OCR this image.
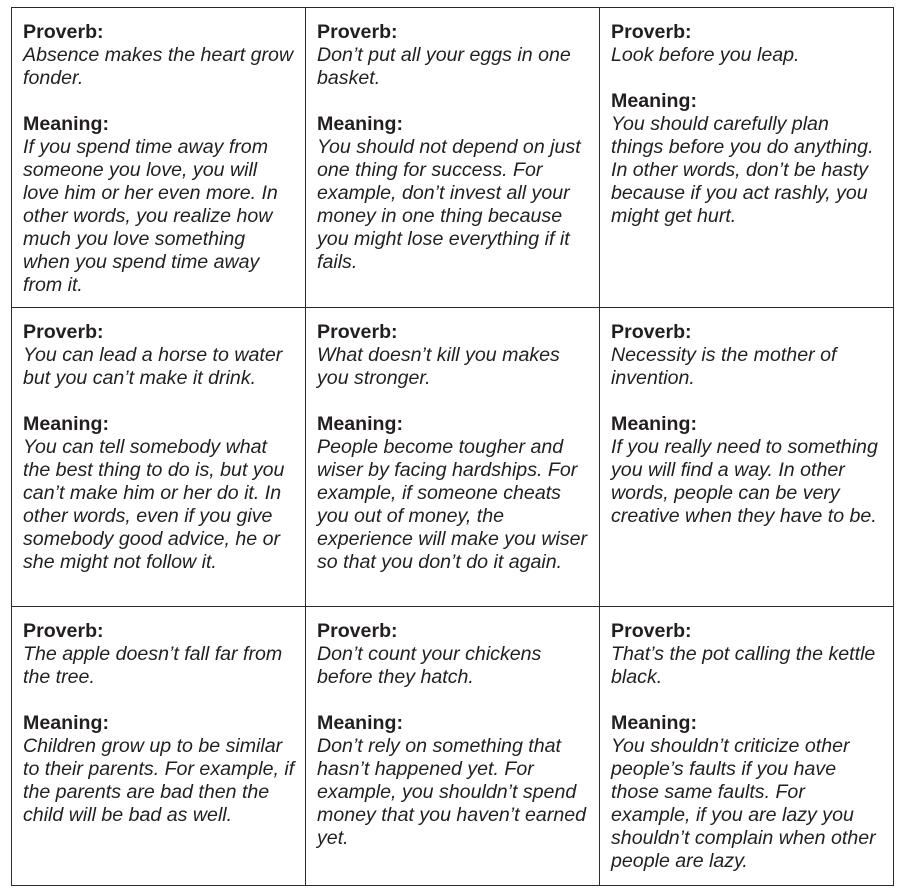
Proverb:
Absence makes the heart grow fonder.
Meaning:
If you spend time away from someone you love, you will love him or her even more. In other words, you realize how much you love something when you spend time away from it.
Proverb:
Don’t put all your eggs in one basket.
Meaning:
You should not depend on just one thing for success. For example, don’t invest all your money in one thing because you might lose everything if it fails.
Proverb:
Look before you leap.
Meaning:
You should carefully plan things before you do anything. In other words, don’t be hasty because if you act rashly, you might get hurt.
Proverb:
You can lead a horse to water but you can’t make it drink.
Meaning:
You can tell somebody what the best thing to do is, but you can’t make him or her do it. In other words, even if you give somebody good advice, he or she might not follow it.
Proverb:
What doesn’t kill you makes you stronger.
Meaning:
People become tougher and wiser by facing hardships. For example, if someone cheats you out of money, the experience will make you wiser so that you don’t do it again.
Proverb:
Necessity is the mother of invention.
Meaning:
If you really need to something you will find a way. In other words, people can be very creative when they have to be.
Proverb:
The apple doesn’t fall far from the tree.
Meaning:
Children grow up to be similar to their parents. For example, if the parents are bad then the child will be bad as well.
Proverb:
Don’t count your chickens before they hatch.
Meaning:
Don’t rely on something that hasn’t happened yet. For example, you shouldn’t spend money that you haven’t earned yet.
Proverb:
That’s the pot calling the kettle black.
Meaning:
You shouldn’t criticize other people’s faults if you have those same faults. For example, if you are lazy you shouldn’t complain when other people are lazy.
